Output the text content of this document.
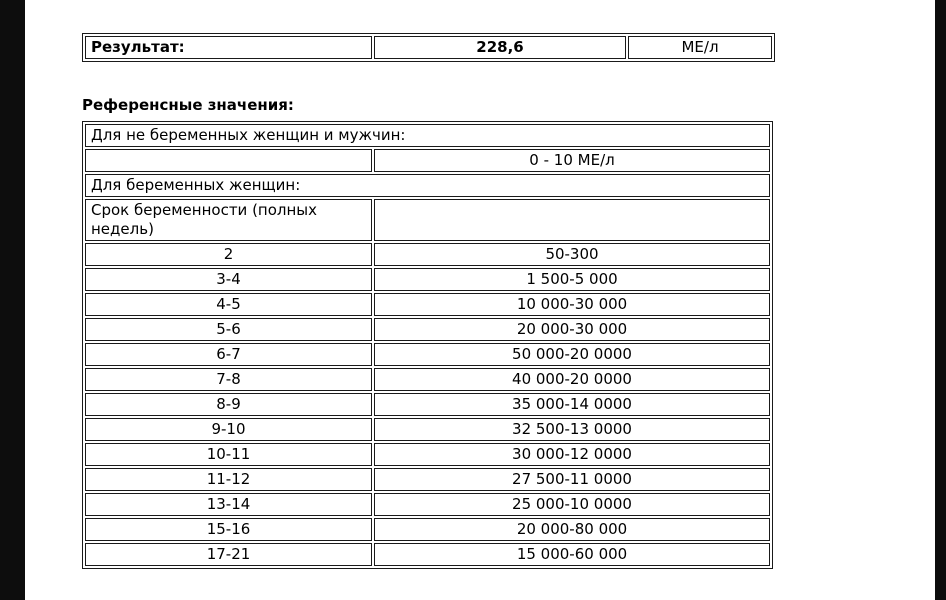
Результат:	228,6	МЕ/л
Референсные значения:
Для не беременных женщин и мужчин:	
	0 - 10 МЕ/л
Для беременных женщин:	
Срок беременности (полных недель)	
2	50-300
3-4	1 500-5 000
4-5	10 000-30 000
5-6	20 000-30 000
6-7	50 000-20 0000
7-8	40 000-20 0000
8-9	35 000-14 0000
9-10	32 500-13 0000
10-11	30 000-12 0000
11-12	27 500-11 0000
13-14	25 000-10 0000
15-16	20 000-80 000
17-21	15 000-60 000
